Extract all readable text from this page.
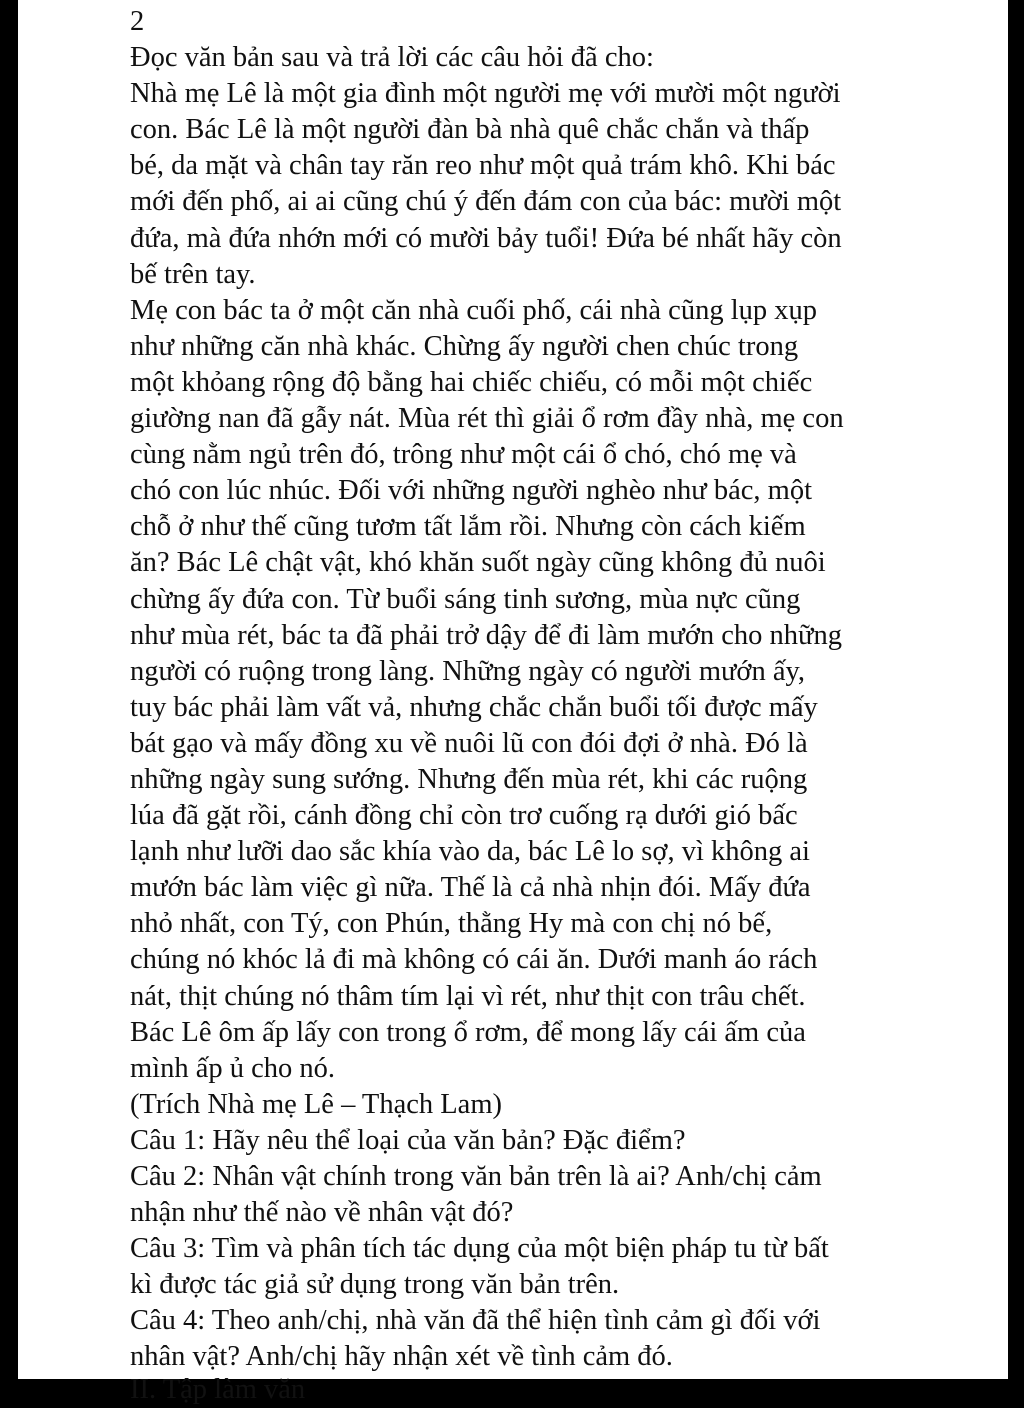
2
Đọc văn bản sau và trả lời các câu hỏi đã cho:
Nhà mẹ Lê là một gia đình một người mẹ với mười một người
con. Bác Lê là một người đàn bà nhà quê chắc chắn và thấp
bé, da mặt và chân tay răn reo như một quả trám khô. Khi bác
mới đến phố, ai ai cũng chú ý đến đám con của bác: mười một
đứa, mà đứa nhớn mới có mười bảy tuổi! Đứa bé nhất hãy còn
bế trên tay.
Mẹ con bác ta ở một căn nhà cuối phố, cái nhà cũng lụp xụp
như những căn nhà khác. Chừng ấy người chen chúc trong
một khỏang rộng độ bằng hai chiếc chiếu, có mỗi một chiếc
giường nan đã gẫy nát. Mùa rét thì giải ổ rơm đầy nhà, mẹ con
cùng nằm ngủ trên đó, trông như một cái ổ chó, chó mẹ và
chó con lúc nhúc. Đối với những người nghèo như bác, một
chỗ ở như thế cũng tươm tất lắm rồi. Nhưng còn cách kiếm
ăn? Bác Lê chật vật, khó khăn suốt ngày cũng không đủ nuôi
chừng ấy đứa con. Từ buổi sáng tinh sương, mùa nực cũng
như mùa rét, bác ta đã phải trở dậy để đi làm mướn cho những
người có ruộng trong làng. Những ngày có người mướn ấy,
tuy bác phải làm vất vả, nhưng chắc chắn buổi tối được mấy
bát gạo và mấy đồng xu về nuôi lũ con đói đợi ở nhà. Đó là
những ngày sung sướng. Nhưng đến mùa rét, khi các ruộng
lúa đã gặt rồi, cánh đồng chỉ còn trơ cuống rạ dưới gió bấc
lạnh như lưỡi dao sắc khía vào da, bác Lê lo sợ, vì không ai
mướn bác làm việc gì nữa. Thế là cả nhà nhịn đói. Mấy đứa
nhỏ nhất, con Tý, con Phún, thằng Hy mà con chị nó bế,
chúng nó khóc lả đi mà không có cái ăn. Dưới manh áo rách
nát, thịt chúng nó thâm tím lại vì rét, như thịt con trâu chết.
Bác Lê ôm ấp lấy con trong ổ rơm, để mong lấy cái ấm của
mình ấp ủ cho nó.
(Trích Nhà mẹ Lê – Thạch Lam)
Câu 1: Hãy nêu thể loại của văn bản? Đặc điểm?
Câu 2: Nhân vật chính trong văn bản trên là ai? Anh/chị cảm
nhận như thế nào về nhân vật đó?
Câu 3: Tìm và phân tích tác dụng của một biện pháp tu từ bất
kì được tác giả sử dụng trong văn bản trên.
Câu 4: Theo anh/chị, nhà văn đã thể hiện tình cảm gì đối với
nhân vật? Anh/chị hãy nhận xét về tình cảm đó.
II. Tập làm văn
